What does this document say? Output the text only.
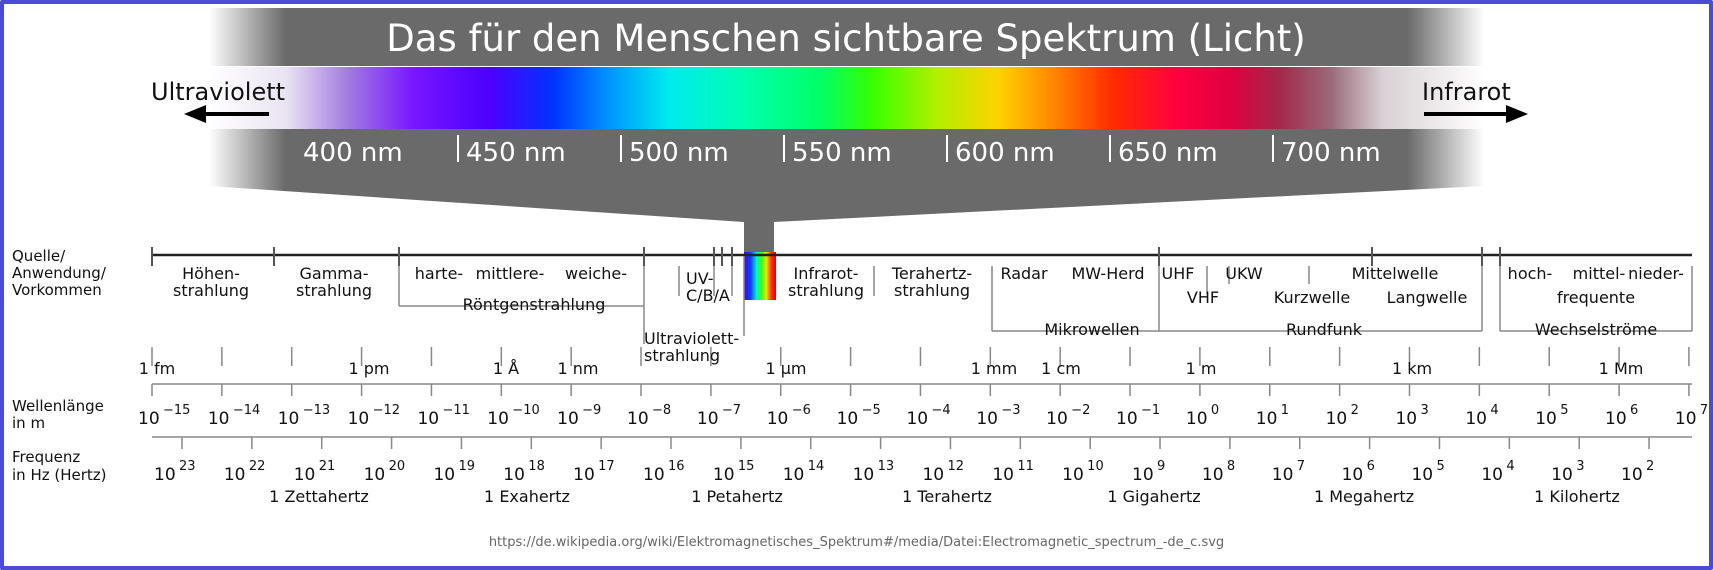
Das für den Menschen sichtbare Spektrum (Licht)
400 nm 450 nm 500 nm 550 nm 600 nm 650 nm 700 nm
Ultraviolett	Infrarot
Quelle/
Anwendung/
Vorkommen
Wellenlänge
in m
Frequenz
in Hz (Hertz)
Höhen-
strahlung
Gamma-
strahlung
harte- mittlere- weiche-
Röntgenstrahlung
UV-
C/B/A
Ultraviolett-
strahlung
Infrarot-
strahlung
Terahertz-
strahlung
Radar MW-Herd
Mikrowellen
UHF
VHF
UKW
Kurzwelle
Mittelwelle
Langwelle
Rundfunk
hoch- mittel- nieder-
frequente
Wechselströme
1 fm	1 pm	1 Å 1 nm	1 µm	1 mm 1 cm	1 m	1 km	1 Mm
10 −15 10 −14 10 −13 10 −12 10 −11 10 −10 10 −9 10 −8 10 −7 10 −6 10 −5 10 −4 10 −3 10 −2 10 −1 10 0 10 1 10 2 10 3 10 4 10 5 10 6 10 7
10 23 10 22 10 21 10 20 10 19 10 18 10 17 10 16 10 15 10 14 10 13 10 12 10 11 10 10 10 9 10 8 10 7 10 6 10 5 10 4 10 3 10 2
1 Zettahertz	1 Exahertz	1 Petahertz	1 Terahertz	1 Gigahertz	1 Megahertz	1 Kilohertz
https://de.wikipedia.org/wiki/Elektromagnetisches_Spektrum#/media/Datei:Electromagnetic_spectrum_-de_c.svg
